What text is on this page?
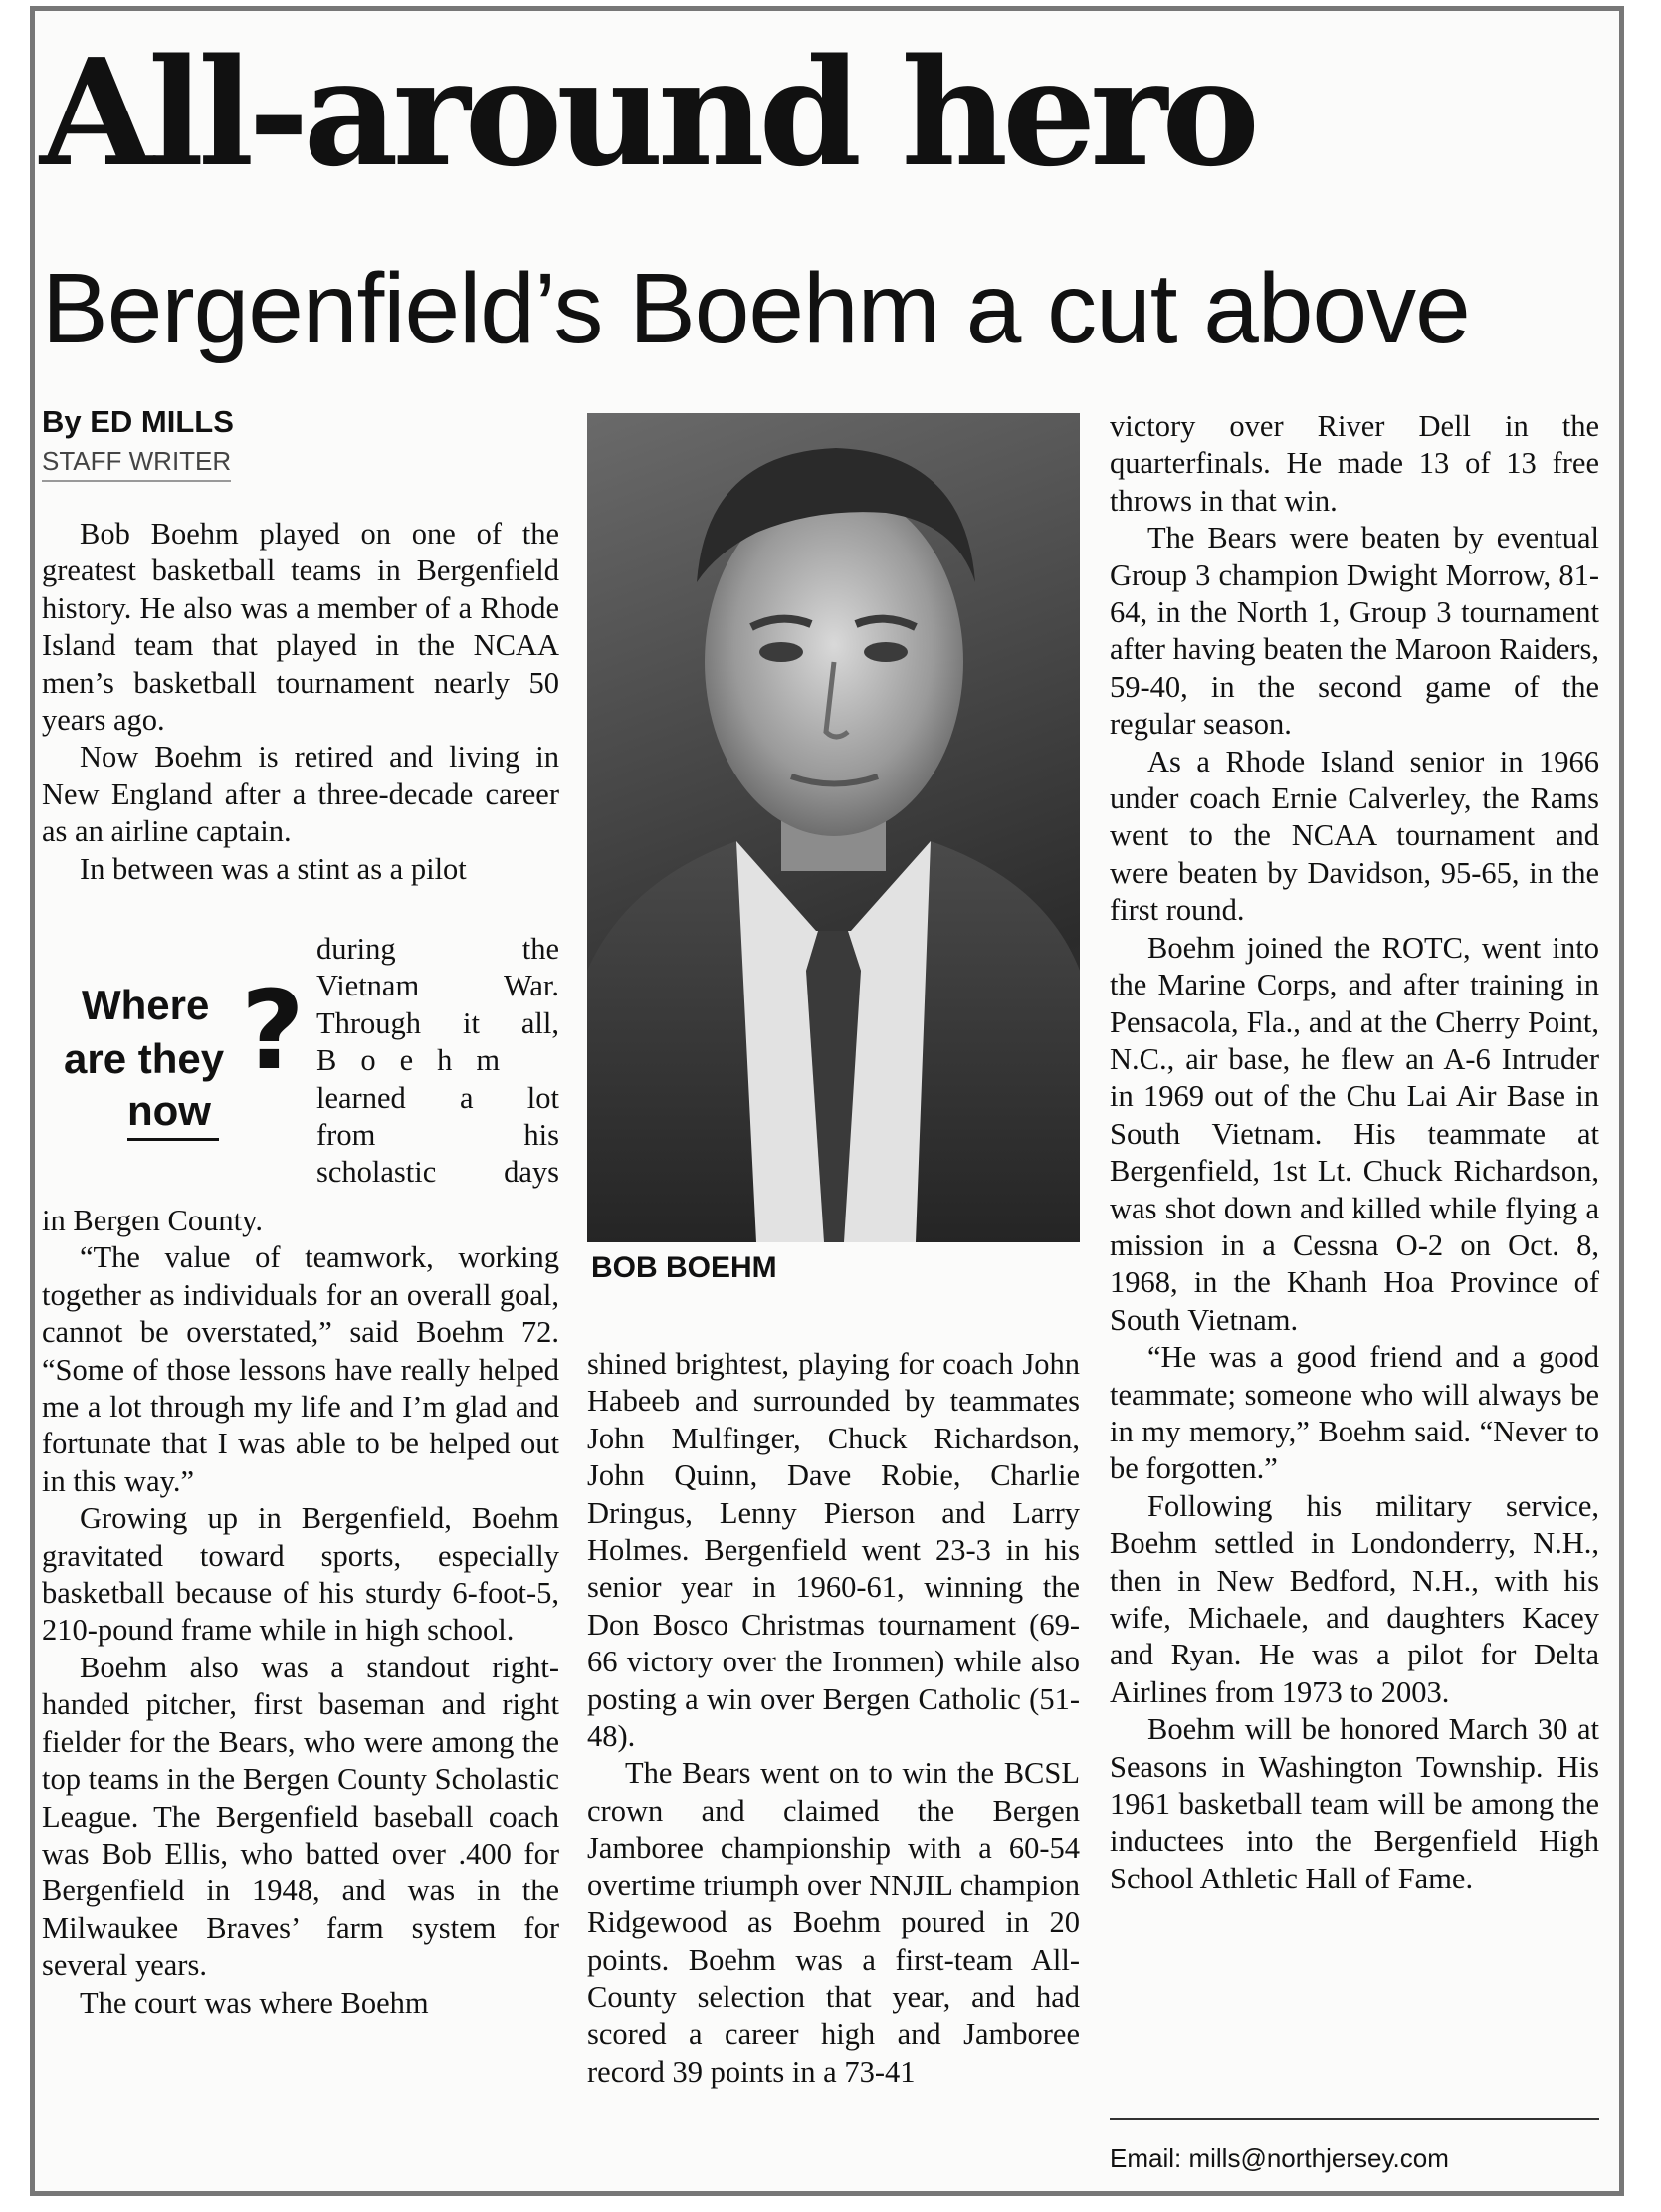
All-around hero
Bergenfield’s Boehm a cut above
By ED MILLS
STAFF WRITER

Bob Boehm played on one of the greatest basketball teams in Bergenfield history. He also was a member of a Rhode Island team that played in the NCAA men’s basketball tournament nearly 50 years ago.

Now Boehm is retired and living in New England after a three-decade career as an airline captain.

In between was a stint as a pilot

Where
are they
now
?
during the
Vietnam War.
Through it all,
Boehm
learned a lot
from his
scholastic days

in Bergen County.

“The value of teamwork, working together as individuals for an overall goal, cannot be overstated,” said Boehm 72. “Some of those lessons have really helped me a lot through my life and I’m glad and fortunate that I was able to be helped out in this way.”

Growing up in Bergenfield, Boehm gravitated toward sports, especially basketball because of his sturdy 6-foot-5, 210-pound frame while in high school.

Boehm also was a standout right-handed pitcher, first baseman and right fielder for the Bears, who were among the top teams in the Bergen County Scholastic League. The Bergenfield baseball coach was Bob Ellis, who batted over .400 for Bergenfield in 1948, and was in the Milwaukee Braves’ farm system for several years.

The court was where Boehm

BOB BOEHM

shined brightest, playing for coach John Habeeb and surrounded by teammates John Mulfinger, Chuck Richardson, John Quinn, Dave Robie, Charlie Dringus, Lenny Pierson and Larry Holmes. Bergenfield went 23-3 in his senior year in 1960-61, winning the Don Bosco Christmas tournament (69-66 victory over the Ironmen) while also posting a win over Bergen Catholic (51-48).

The Bears went on to win the BCSL crown and claimed the Bergen Jamboree championship with a 60-54 overtime triumph over NNJIL champion Ridgewood as Boehm poured in 20 points. Boehm was a first-team All-County selection that year, and had scored a career high and Jamboree record 39 points in a 73-41

victory over River Dell in the quarterfinals. He made 13 of 13 free throws in that win.

The Bears were beaten by eventual Group 3 champion Dwight Morrow, 81-64, in the North 1, Group 3 tournament after having beaten the Maroon Raiders, 59-40, in the second game of the regular season.

As a Rhode Island senior in 1966 under coach Ernie Calverley, the Rams went to the NCAA tournament and were beaten by Davidson, 95-65, in the first round.

Boehm joined the ROTC, went into the Marine Corps, and after training in Pensacola, Fla., and at the Cherry Point, N.C., air base, he flew an A-6 Intruder in 1969 out of the Chu Lai Air Base in South Vietnam. His teammate at Bergenfield, 1st Lt. Chuck Richardson, was shot down and killed while flying a mission in a Cessna O-2 on Oct. 8, 1968, in the Khanh Hoa Province of South Vietnam.

“He was a good friend and a good teammate; someone who will always be in my memory,” Boehm said. “Never to be forgotten.”

Following his military service, Boehm settled in Londonderry, N.H., then in New Bedford, N.H., with his wife, Michaele, and daughters Kacey and Ryan. He was a pilot for Delta Airlines from 1973 to 2003.

Boehm will be honored March 30 at Seasons in Washington Township. His 1961 basketball team will be among the inductees into the Bergenfield High School Athletic Hall of Fame.

Email: mills@northjersey.com
